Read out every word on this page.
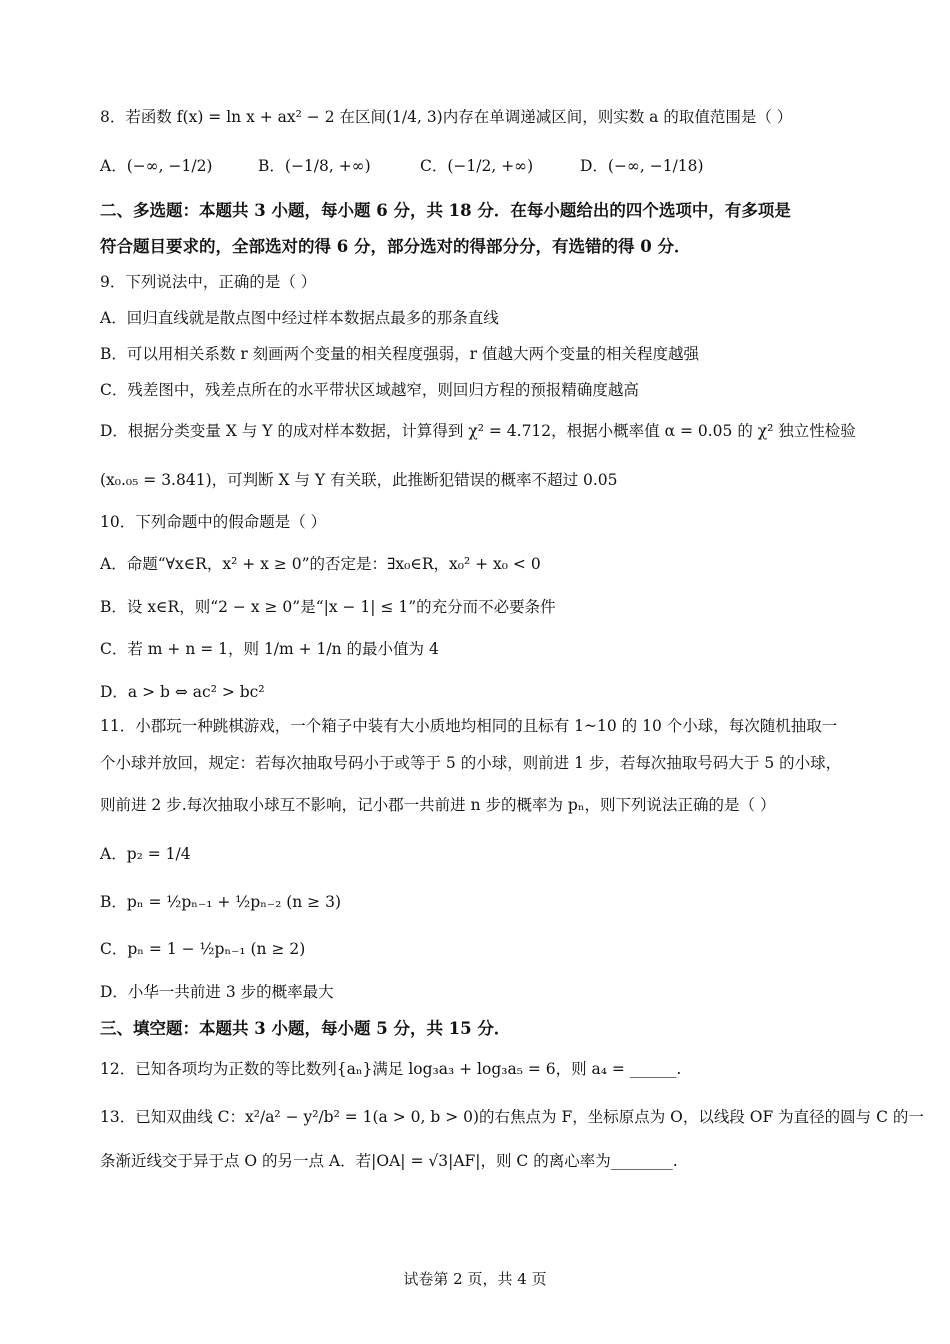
8．若函数 f(x) = ln x + ax² − 2 在区间(1/4, 3)内存在单调递减区间，则实数 a 的取值范围是（ ）
A．(−∞, −1/2)	B．(−1/8, +∞)	C．(−1/2, +∞)	D．(−∞, −1/18)
二、多选题：本题共 3 小题，每小题 6 分，共 18 分．在每小题给出的四个选项中，有多项是
符合题目要求的，全部选对的得 6 分，部分选对的得部分分，有选错的得 0 分．
9．下列说法中，正确的是（ ）
A．回归直线就是散点图中经过样本数据点最多的那条直线
B．可以用相关系数 r 刻画两个变量的相关程度强弱，r 值越大两个变量的相关程度越强
C．残差图中，残差点所在的水平带状区域越窄，则回归方程的预报精确度越高
D．根据分类变量 X 与 Y 的成对样本数据，计算得到 χ² = 4.712，根据小概率值 α = 0.05 的 χ² 独立性检验
(x₀.₀₅ = 3.841)，可判断 X 与 Y 有关联，此推断犯错误的概率不超过 0.05
10．下列命题中的假命题是（ ）
A．命题“∀x∈R，x² + x ≥ 0”的否定是：∃x₀∈R，x₀² + x₀ < 0
B．设 x∈R，则“2 − x ≥ 0”是“|x − 1| ≤ 1”的充分而不必要条件
C．若 m + n = 1，则 1/m + 1/n 的最小值为 4
D．a > b ⇔ ac² > bc²
11．小郡玩一种跳棋游戏，一个箱子中装有大小质地均相同的且标有 1~10 的 10 个小球，每次随机抽取一
个小球并放回，规定：若每次抽取号码小于或等于 5 的小球，则前进 1 步，若每次抽取号码大于 5 的小球，
则前进 2 步.每次抽取小球互不影响，记小郡一共前进 n 步的概率为 pₙ，则下列说法正确的是（ ）
A．p₂ = 1/4
B．pₙ = ½pₙ₋₁ + ½pₙ₋₂ (n ≥ 3)
C．pₙ = 1 − ½pₙ₋₁ (n ≥ 2)
D．小华一共前进 3 步的概率最大
三、填空题：本题共 3 小题，每小题 5 分，共 15 分．
12．已知各项均为正数的等比数列{aₙ}满足 log₃a₃ + log₃a₅ = 6，则 a₄ = ______.
13．已知双曲线 C：x²/a² − y²/b² = 1(a > 0, b > 0)的右焦点为 F，坐标原点为 O，以线段 OF 为直径的圆与 C 的一
条渐近线交于异于点 O 的另一点 A．若|OA| = √3|AF|，则 C 的离心率为________.
试卷第 2 页，共 4 页
